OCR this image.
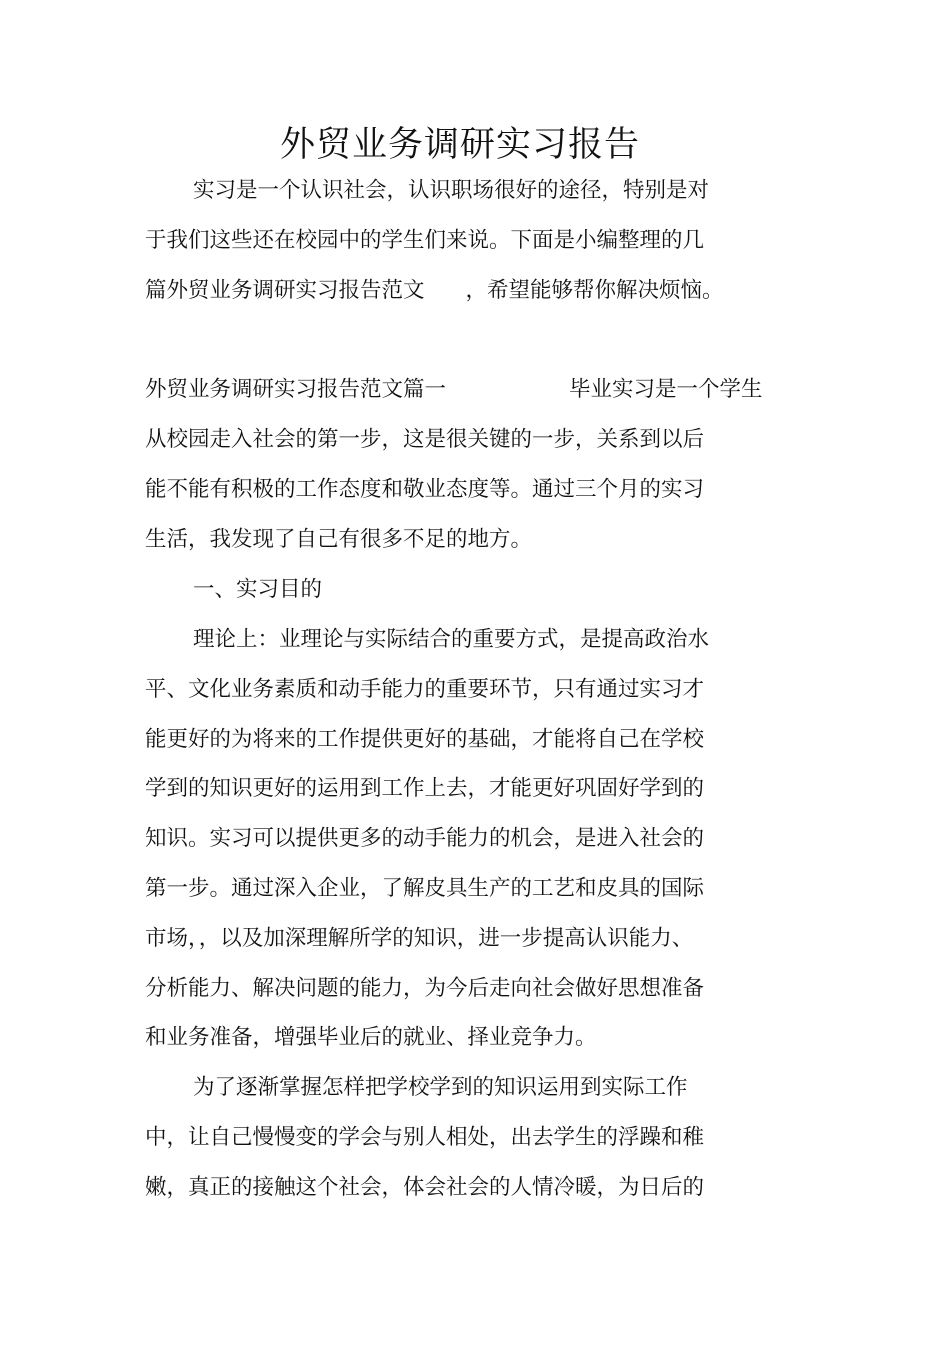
外贸业务调研实习报告

实习是一个认识社会，认识职场很好的途径，特别是对

于我们这些还在校园中的学生们来说。下面是小编整理的几

篇外贸业务调研实习报告范文      ，希望能够帮你解决烦恼。

外贸业务调研实习报告范文篇一                  毕业实习是一个学生

从校园走入社会的第一步，这是很关键的一步，关系到以后

能不能有积极的工作态度和敬业态度等。通过三个月的实习

生活，我发现了自己有很多不足的地方。

一、实习目的

理论上：业理论与实际结合的重要方式，是提高政治水

平、文化业务素质和动手能力的重要环节，只有通过实习才

能更好的为将来的工作提供更好的基础，才能将自己在学校

学到的知识更好的运用到工作上去，才能更好巩固好学到的

知识。实习可以提供更多的动手能力的机会，是进入社会的

第一步。通过深入企业，了解皮具生产的工艺和皮具的国际

市场，，以及加深理解所学的知识，进一步提高认识能力、

分析能力、解决问题的能力，为今后走向社会做好思想准备

和业务准备，增强毕业后的就业、择业竞争力。

为了逐渐掌握怎样把学校学到的知识运用到实际工作

中，让自己慢慢变的学会与别人相处，出去学生的浮躁和稚

嫩，真正的接触这个社会，体会社会的人情冷暖，为日后的
